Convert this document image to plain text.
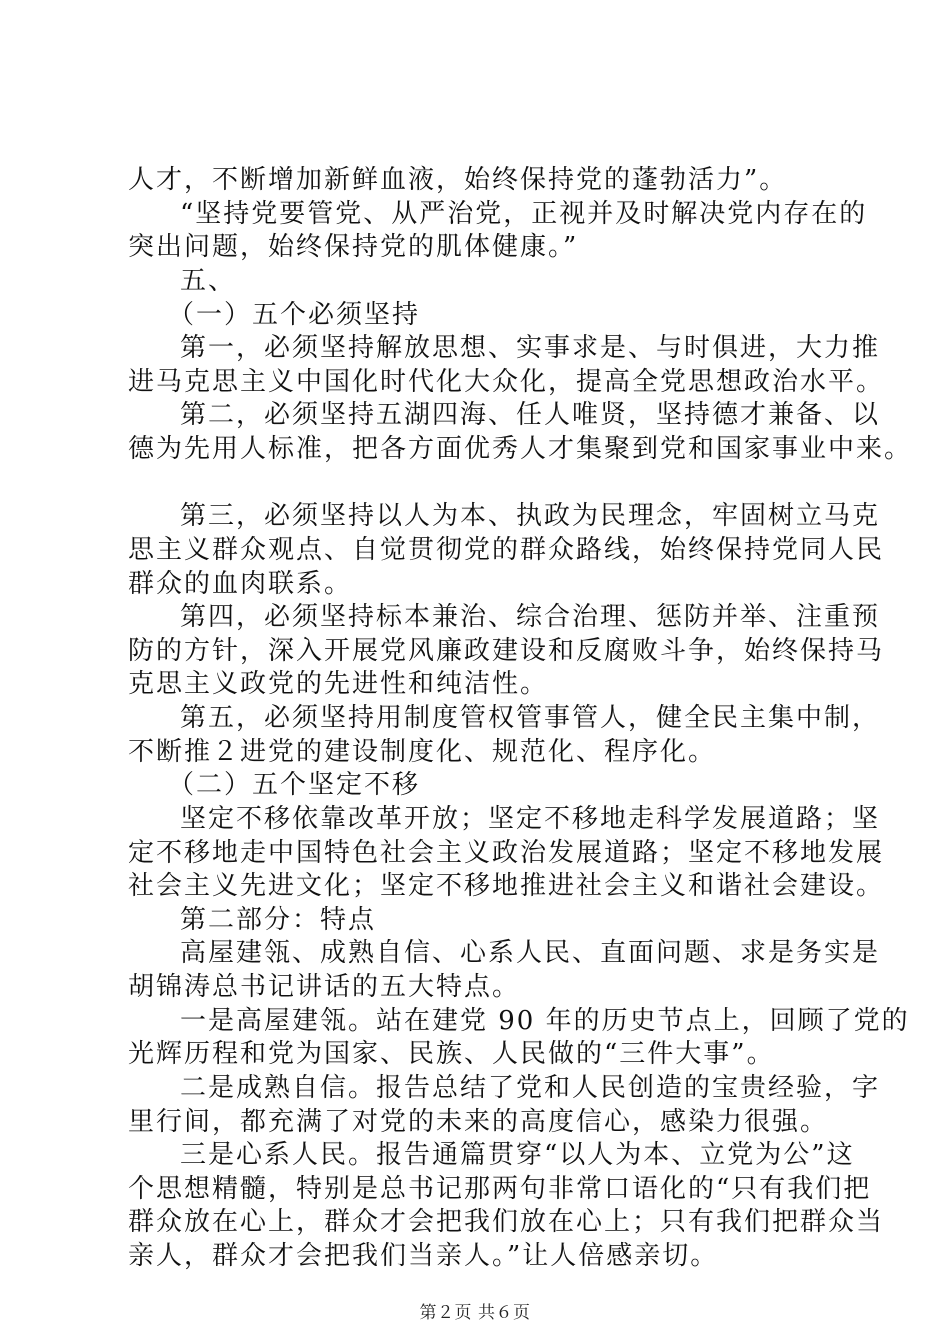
人才，不断增加新鲜血液，始终保持党的蓬勃活力”。
“坚持党要管党、从严治党，正视并及时解决党内存在的
突出问题，始终保持党的肌体健康。”
五、
（一）五个必须坚持
第一，必须坚持解放思想、实事求是、与时俱进，大力推
进马克思主义中国化时代化大众化，提高全党思想政治水平。
第二，必须坚持五湖四海、任人唯贤，坚持德才兼备、以
德为先用人标准，把各方面优秀人才集聚到党和国家事业中来。
第三，必须坚持以人为本、执政为民理念，牢固树立马克
思主义群众观点、自觉贯彻党的群众路线，始终保持党同人民
群众的血肉联系。
第四，必须坚持标本兼治、综合治理、惩防并举、注重预
防的方针，深入开展党风廉政建设和反腐败斗争，始终保持马
克思主义政党的先进性和纯洁性。
第五，必须坚持用制度管权管事管人，健全民主集中制，
不断推２进党的建设制度化、规范化、程序化。
（二）五个坚定不移
坚定不移依靠改革开放；坚定不移地走科学发展道路；坚
定不移地走中国特色社会主义政治发展道路；坚定不移地发展
社会主义先进文化；坚定不移地推进社会主义和谐社会建设。
第二部分：特点
高屋建瓴、成熟自信、心系人民、直面问题、求是务实是
胡锦涛总书记讲话的五大特点。
一是高屋建瓴。站在建党 90 年的历史节点上，回顾了党的
光辉历程和党为国家、民族、人民做的“三件大事”。
二是成熟自信。报告总结了党和人民创造的宝贵经验，字
里行间，都充满了对党的未来的高度信心，感染力很强。
三是心系人民。报告通篇贯穿“以人为本、立党为公”这
个思想精髓，特别是总书记那两句非常口语化的“只有我们把
群众放在心上，群众才会把我们放在心上；只有我们把群众当
亲人，群众才会把我们当亲人。”让人倍感亲切。
第２页 共６页
